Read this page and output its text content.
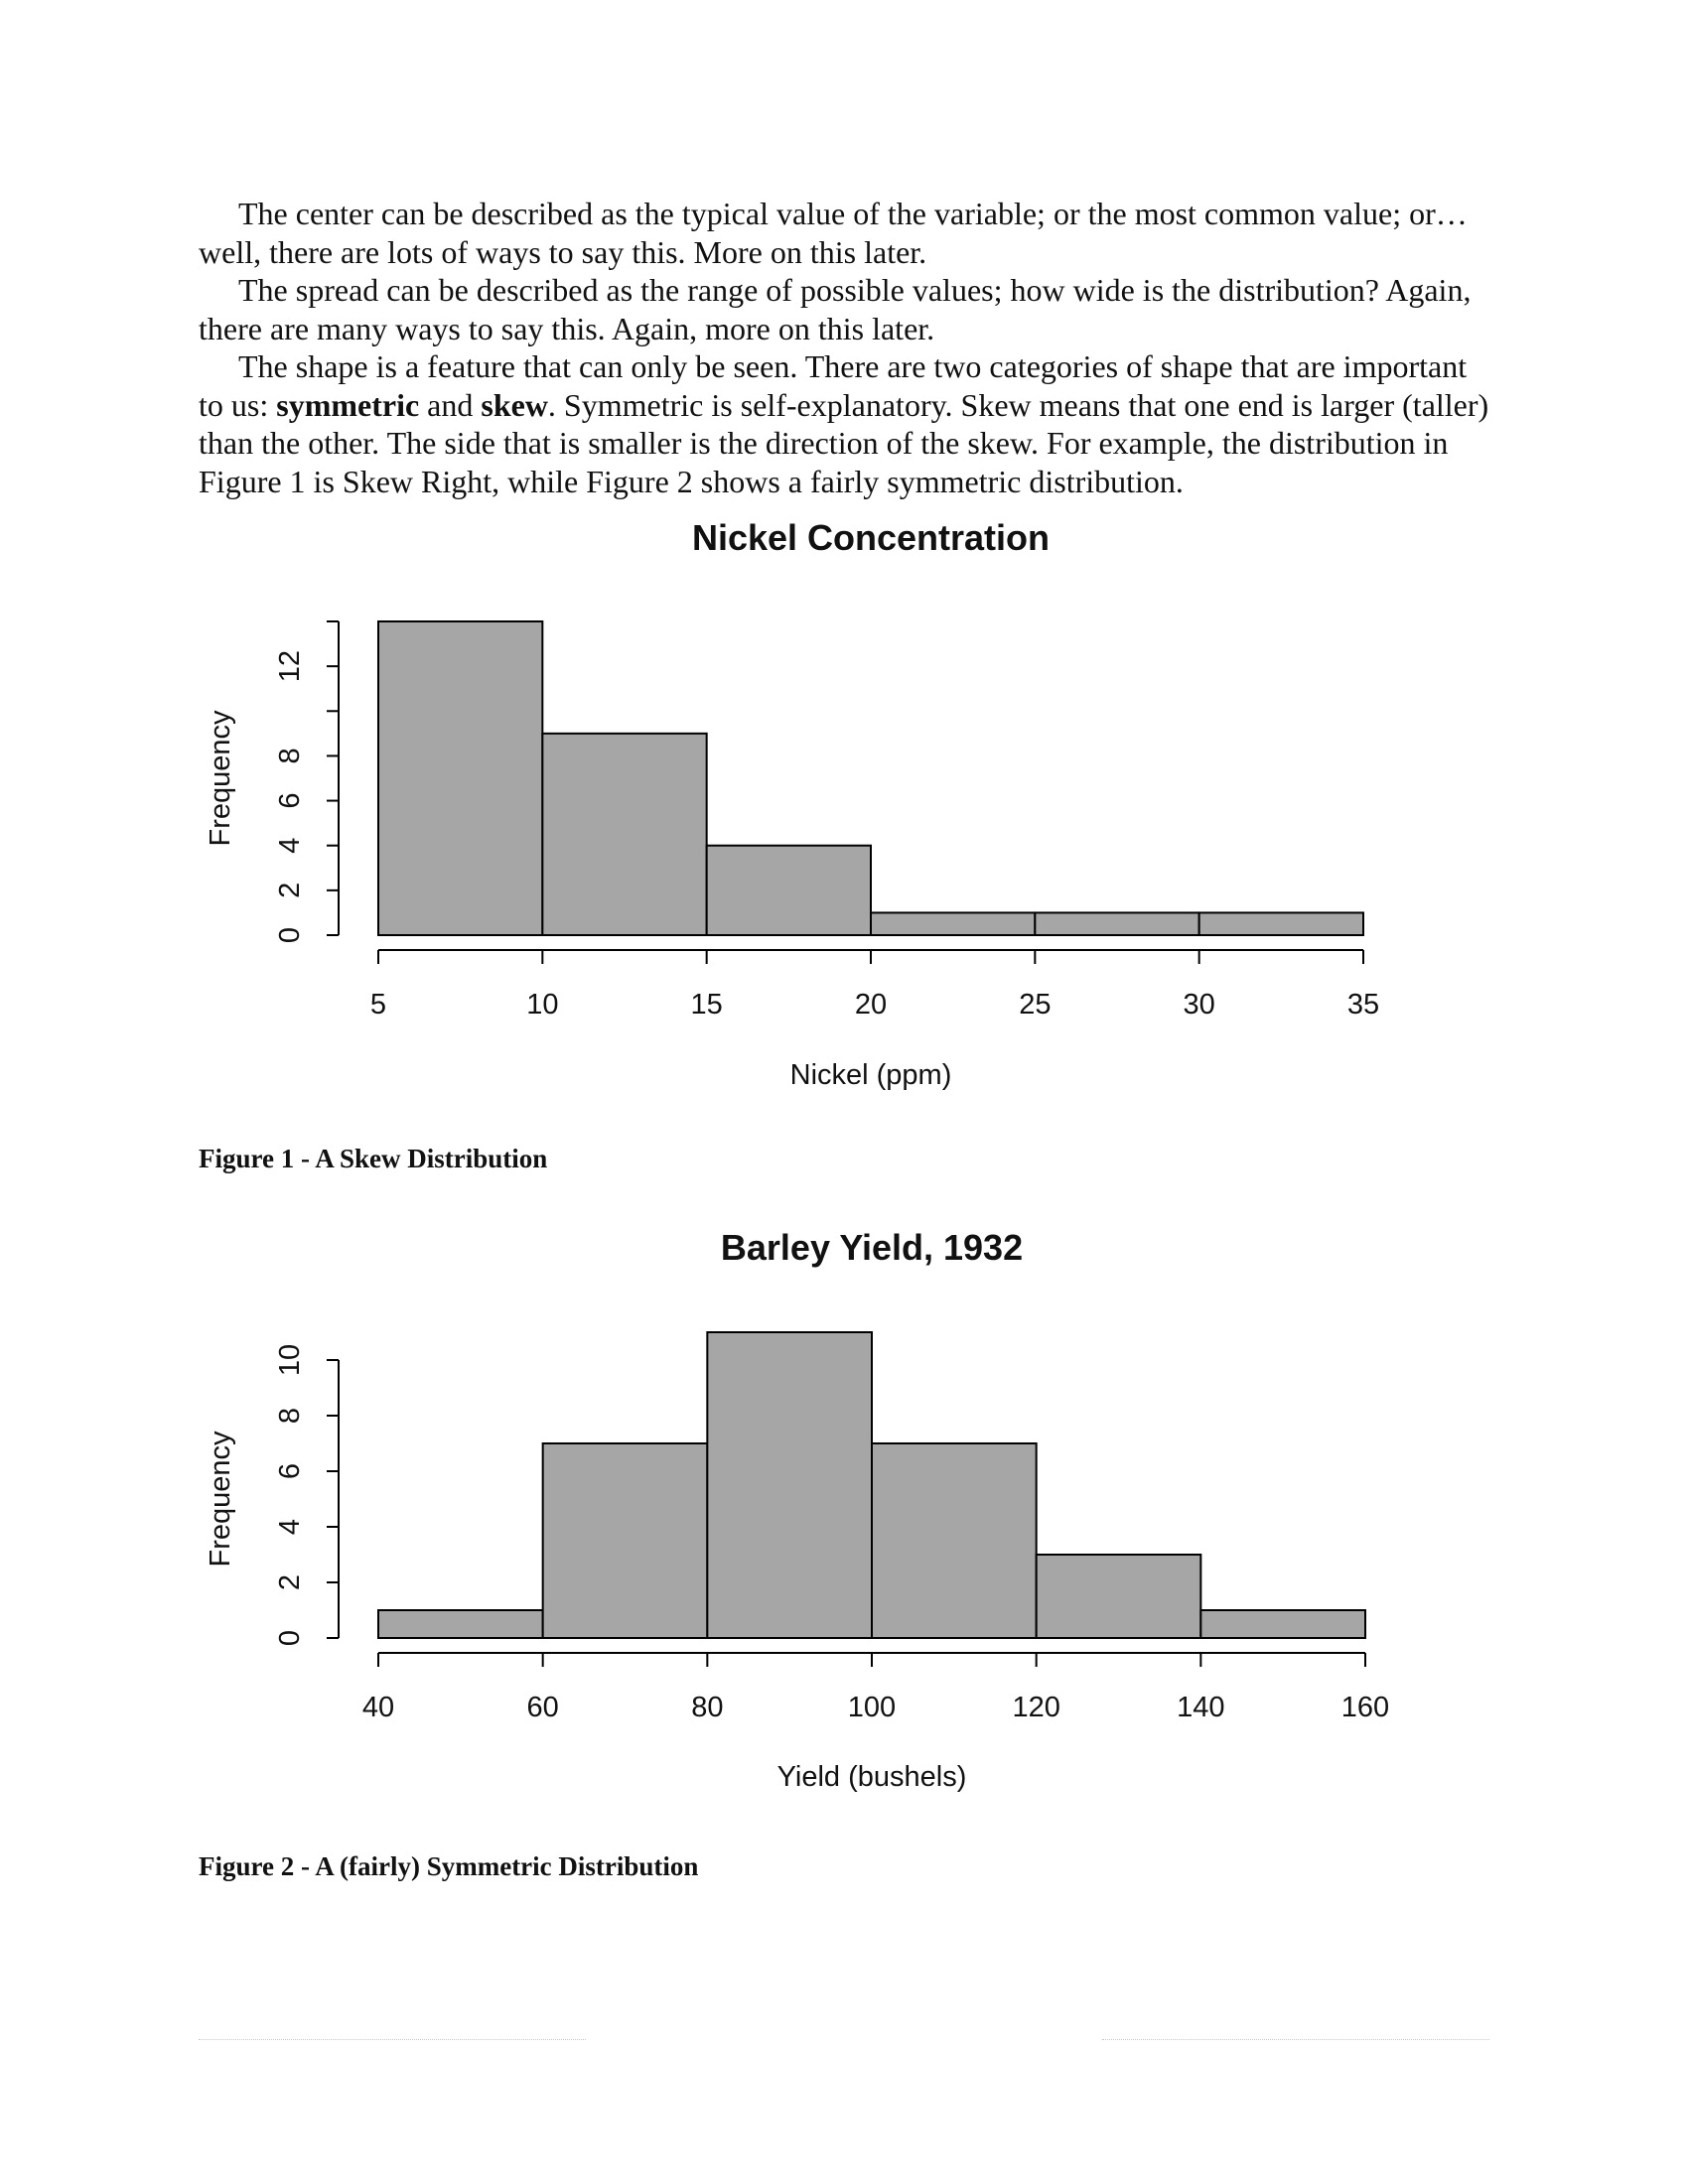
The center can be described as the typical value of the variable; or the most common value; or…well, there are lots of ways to say this. More on this later.

The spread can be described as the range of possible values; how wide is the distribution? Again, there are many ways to say this. Again, more on this later.

The shape is a feature that can only be seen. There are two categories of shape that are important to us: symmetric and skew. Symmetric is self-explanatory. Skew means that one end is larger (taller) than the other. The side that is smaller is the direction of the skew. For example, the distribution in Figure 1 is Skew Right, while Figure 2 shows a fairly symmetric distribution.

Nickel Concentration
0
2
4
6
8
12
Frequency
5	10	15	20	25	30	35
Nickel (ppm)
Figure 1 - A Skew Distribution
Barley Yield, 1932
0
2
4
6
8
10
Frequency
40	60	80	100	120	140	160
Yield (bushels)
Figure 2 - A (fairly) Symmetric Distribution
